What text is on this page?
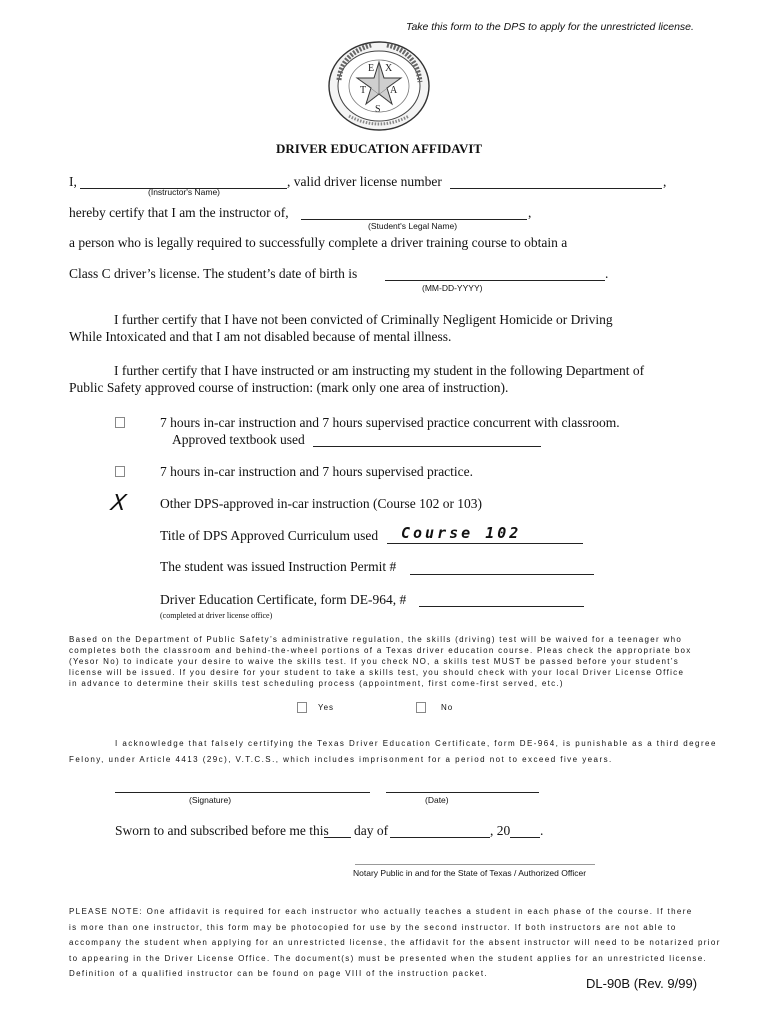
Take this form to the DPS to apply for the unrestricted license.
E X
T A
S
DRIVER EDUCATION AFFIDAVIT
I,	, valid driver license number	,
(Instructor's Name)
hereby certify that I am the instructor of,	,
(Student's Legal Name)
a person who is legally required to successfully complete a driver training course to obtain a
Class C driver’s license. The student’s date of birth is	.
(MM-DD-YYYY)
I further certify that I have not been convicted of Criminally Negligent Homicide or Driving
While Intoxicated and that I am not disabled because of mental illness.
I further certify that I have instructed or am instructing my student in the following Department of
Public Safety approved course of instruction: (mark only one area of instruction).
7 hours in-car instruction and 7 hours supervised practice concurrent with classroom.
Approved textbook used
7 hours in-car instruction and 7 hours supervised practice.
X Other DPS-approved in-car instruction (Course 102 or 103)
Title of DPS Approved Curriculum used Course 102
The student was issued Instruction Permit #
Driver Education Certificate, form DE-964, #
(completed at driver license office)
Based on the Department of Public Safety’s administrative regulation, the skills (driving) test will be waived for a teenager who
completes both the classroom and behind-the-wheel portions of a Texas driver education course. Pleas check the appropriate box
(Yesor No) to indicate your desire to waive the skills test. If you check NO, a skills test MUST be passed before your student’s
license will be issued. If you desire for your student to take a skills test, you should check with your local Driver License Office
in advance to determine their skills test scheduling process (appointment, first come-first served, etc.)
Yes	No
I acknowledge that falsely certifying the Texas Driver Education Certificate, form DE-964, is punishable as a third degree
Felony, under Article 4413 (29c), V.T.C.S., which includes imprisonment for a period not to exceed five years.
(Signature)	(Date)
Sworn to and subscribed before me this day of	, 20 .
Notary Public in and for the State of Texas / Authorized Officer
PLEASE NOTE: One affidavit is required for each instructor who actually teaches a student in each phase of the course. If there
is more than one instructor, this form may be photocopied for use by the second instructor. If both instructors are not able to
accompany the student when applying for an unrestricted license, the affidavit for the absent instructor will need to be notarized prior
to appearing in the Driver License Office. The document(s) must be presented when the student applies for an unrestricted license.
Definition of a qualified instructor can be found on page VIII of the instruction packet.
DL-90B (Rev. 9/99)
